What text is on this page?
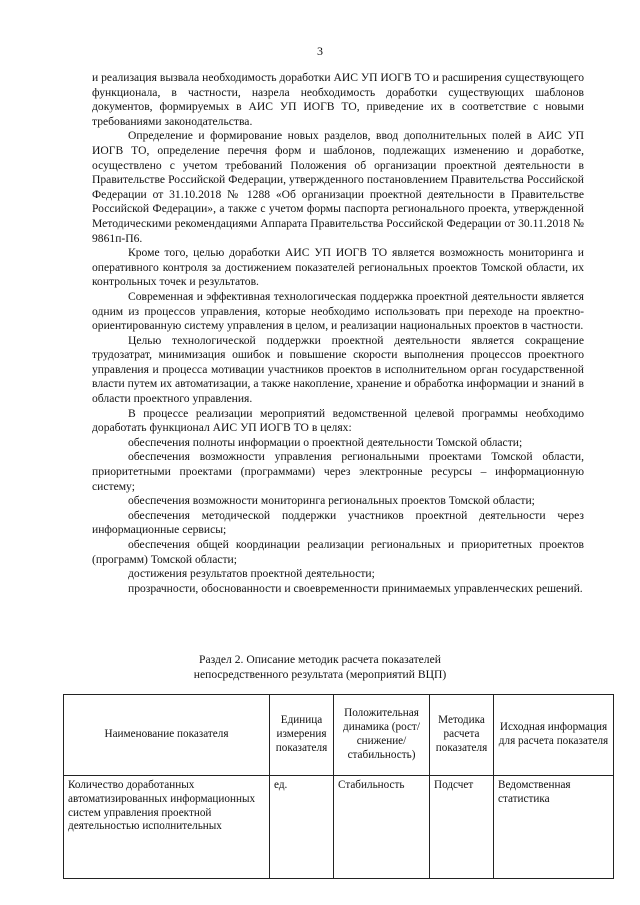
3

и реализация вызвала необходимость доработки АИС УП ИОГВ ТО и расширения существующего функционала, в частности, назрела необходимость доработки существующих шаблонов документов, формируемых в АИС УП ИОГВ ТО, приведение их в соответствие с новыми требованиями законодательства.

Определение и формирование новых разделов, ввод дополнительных полей в АИС УП ИОГВ ТО, определение перечня форм и шаблонов, подлежащих изменению и доработке, осуществлено с учетом требований Положения об организации проектной деятельности в Правительстве Российской Федерации, утвержденного постановлением Правительства Российской Федерации от 31.10.2018 № 1288 «Об организации проектной деятельности в Правительстве Российской Федерации», а также с учетом формы паспорта регионального проекта, утвержденной Методическими рекомендациями Аппарата Правительства Российской Федерации от 30.11.2018 № 9861п-П6.

Кроме того, целью доработки АИС УП ИОГВ ТО является возможность мониторинга и оперативного контроля за достижением показателей региональных проектов Томской области, их контрольных точек и результатов.

Современная и эффективная технологическая поддержка проектной деятельности является одним из процессов управления, которые необходимо использовать при переходе на проектно-ориентированную систему управления в целом, и реализации национальных проектов в частности.

Целью технологической поддержки проектной деятельности является сокращение трудозатрат, минимизация ошибок и повышение скорости выполнения процессов проектного управления и процесса мотивации участников проектов в исполнительном орган государственной власти путем их автоматизации, а также накопление, хранение и обработка информации и знаний в области проектного управления.

В процессе реализации мероприятий ведомственной целевой программы необходимо доработать функционал АИС УП ИОГВ ТО в целях:

обеспечения полноты информации о проектной деятельности Томской области;

обеспечения возможности управления региональными проектами Томской области, приоритетными проектами (программами) через электронные ресурсы – информационную систему;

обеспечения возможности мониторинга региональных проектов Томской области;

обеспечения методической поддержки участников проектной деятельности через информационные сервисы;

обеспечения общей координации реализации региональных и приоритетных проектов (программ) Томской области;

достижения результатов проектной деятельности;

прозрачности, обоснованности и своевременности принимаемых управленческих решений.

Раздел 2. Описание методик расчета показателей
непосредственного результата (мероприятий ВЦП)
Наименование показателя	Единица измерения показателя	Положительная динамика (рост/снижение/ стабильность)	Методика расчета показателя	Исходная информация для расчета показателя
Количество доработанных автоматизированных информационных систем управления проектной деятельностью исполнительных	ед.	Стабильность	Подсчет	Ведомственная статистика
